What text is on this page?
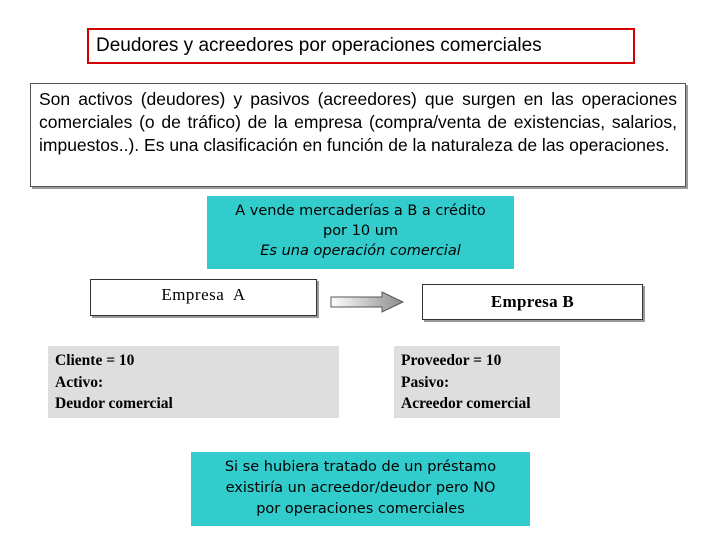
Deudores y acreedores por operaciones comerciales
Son activos (deudores) y pasivos (acreedores) que surgen en las operaciones comerciales (o de tráfico) de la empresa (compra/venta de existencias, salarios, impuestos..). Es una clasificación en función de la naturaleza de las operaciones.
A vende mercaderías a B a crédito
por 10 um
Es una operación comercial
Empresa  A	Empresa B
Cliente = 10
Activo:
Deudor comercial
Proveedor = 10
Pasivo:
Acreedor comercial
Si se hubiera tratado de un préstamo
existiría un acreedor/deudor pero NO
por operaciones comerciales
